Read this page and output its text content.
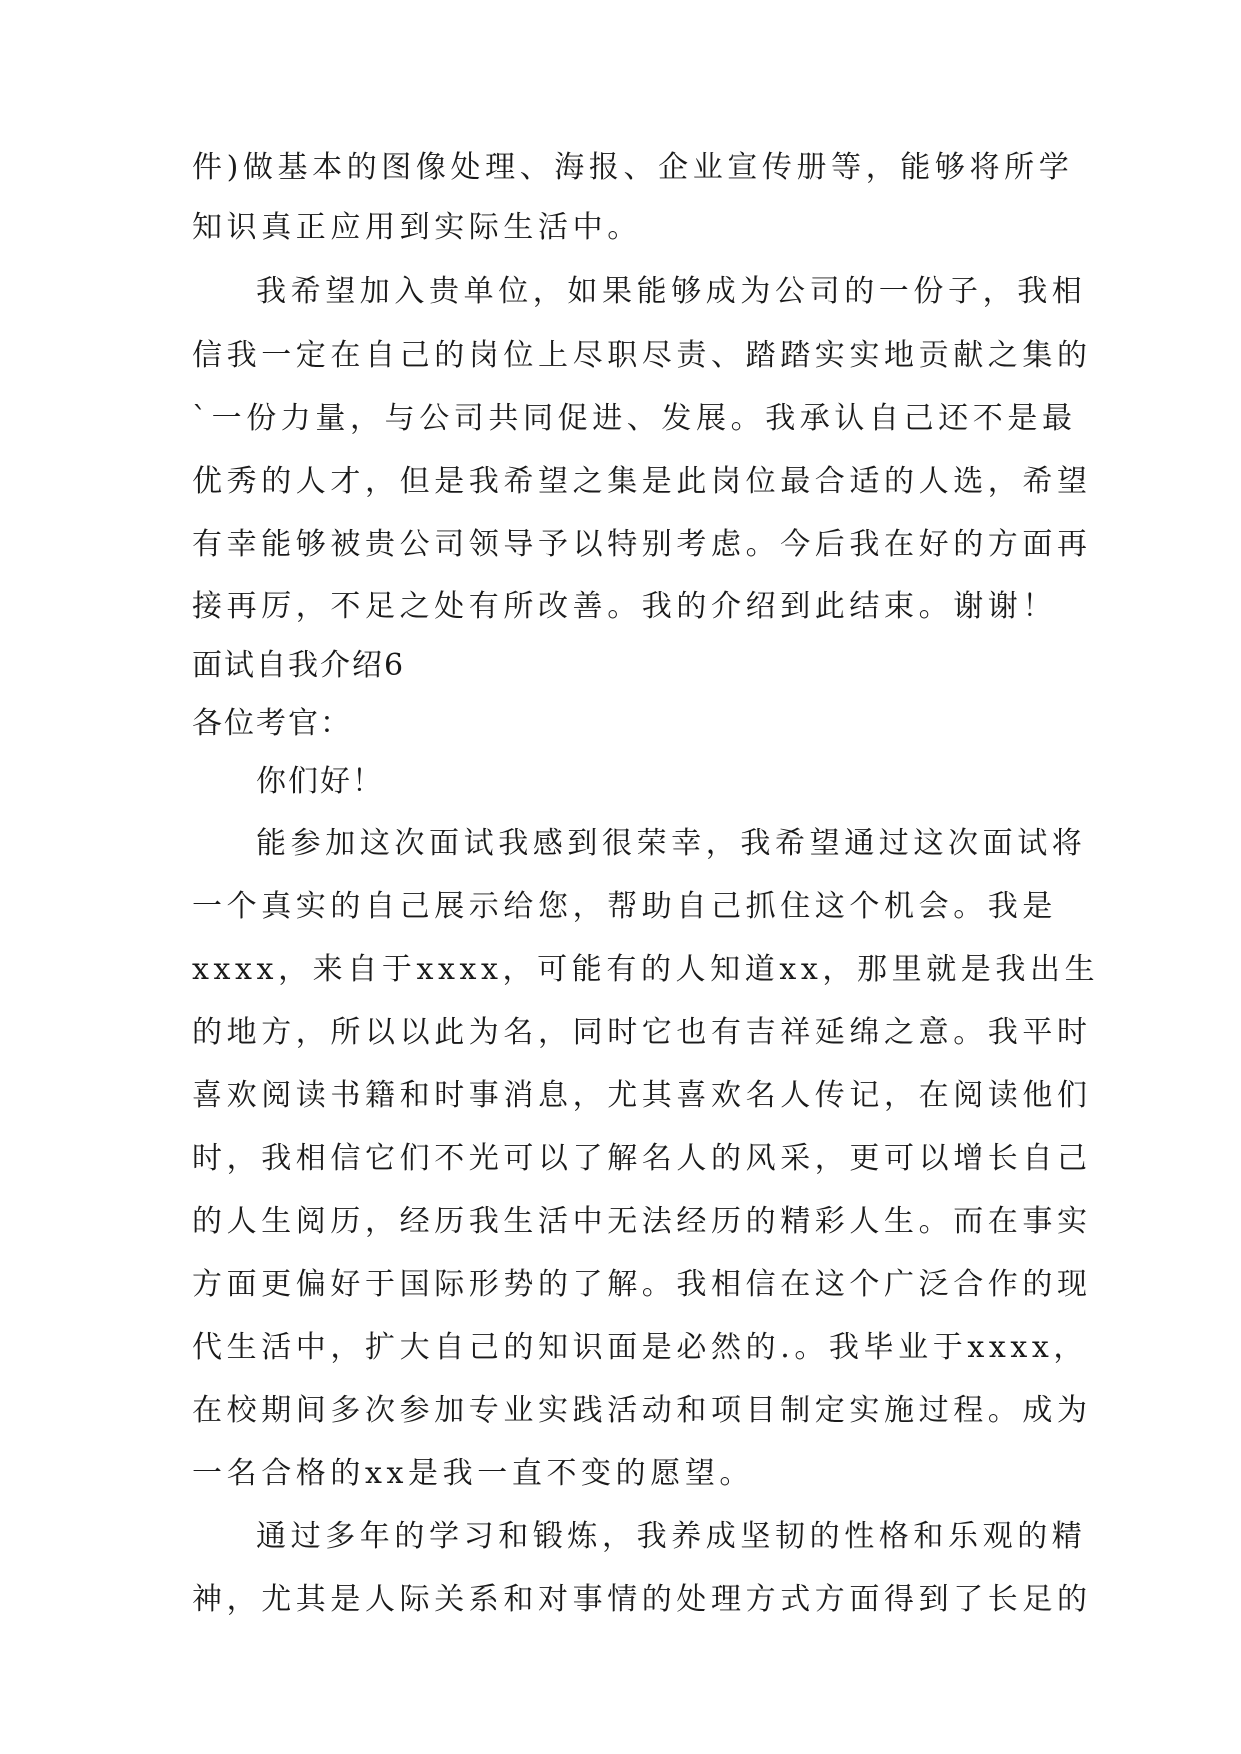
件)做基本的图像处理、海报、企业宣传册等，能够将所学
知识真正应用到实际生活中。
我希望加入贵单位，如果能够成为公司的一份子，我相
信我一定在自己的岗位上尽职尽责、踏踏实实地贡献之集的
`一份力量，与公司共同促进、发展。我承认自己还不是最
优秀的人才，但是我希望之集是此岗位最合适的人选，希望
有幸能够被贵公司领导予以特别考虑。今后我在好的方面再
接再厉，不足之处有所改善。我的介绍到此结束。谢谢！
面试自我介绍6
各位考官：
你们好！
能参加这次面试我感到很荣幸，我希望通过这次面试将
一个真实的自己展示给您，帮助自己抓住这个机会。我是
xxxx，来自于xxxx，可能有的人知道xx，那里就是我出生
的地方，所以以此为名，同时它也有吉祥延绵之意。我平时
喜欢阅读书籍和时事消息，尤其喜欢名人传记，在阅读他们
时，我相信它们不光可以了解名人的风采，更可以增长自己
的人生阅历，经历我生活中无法经历的精彩人生。而在事实
方面更偏好于国际形势的了解。我相信在这个广泛合作的现
代生活中，扩大自己的知识面是必然的.。我毕业于xxxx，
在校期间多次参加专业实践活动和项目制定实施过程。成为
一名合格的xx是我一直不变的愿望。
通过多年的学习和锻炼，我养成坚韧的性格和乐观的精
神，尤其是人际关系和对事情的处理方式方面得到了长足的
